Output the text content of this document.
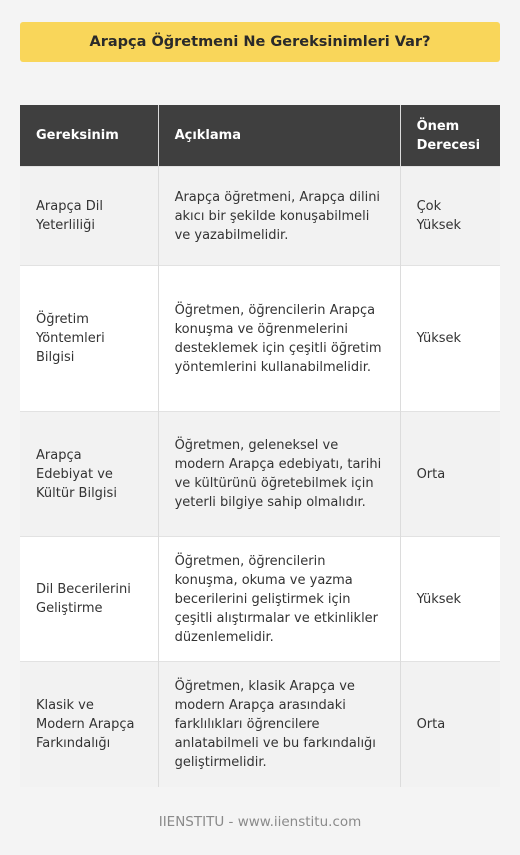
Arapça Öğretmeni Ne Gereksinimleri Var?
Gereksinim	Açıklama	Önem Derecesi
Arapça Dil Yeterliliği	Arapça öğretmeni, Arapça dilini akıcı bir şekilde konuşabilmeli ve yazabilmelidir.	Çok Yüksek
Öğretim Yöntemleri Bilgisi	Öğretmen, öğrencilerin Arapça konuşma ve öğrenmelerini desteklemek için çeşitli öğretim yöntemlerini kullanabilmelidir.	Yüksek
Arapça Edebiyat ve Kültür Bilgisi	Öğretmen, geleneksel ve modern Arapça edebiyatı, tarihi ve kültürünü öğretebilmek için yeterli bilgiye sahip olmalıdır.	Orta
Dil Becerilerini Geliştirme	Öğretmen, öğrencilerin konuşma, okuma ve yazma becerilerini geliştirmek için çeşitli alıştırmalar ve etkinlikler düzenlemelidir.	Yüksek
Klasik ve Modern Arapça Farkındalığı	Öğretmen, klasik Arapça ve modern Arapça arasındaki farklılıkları öğrencilere anlatabilmeli ve bu farkındalığı geliştirmelidir.	Orta
IIENSTITU - www.iienstitu.com
